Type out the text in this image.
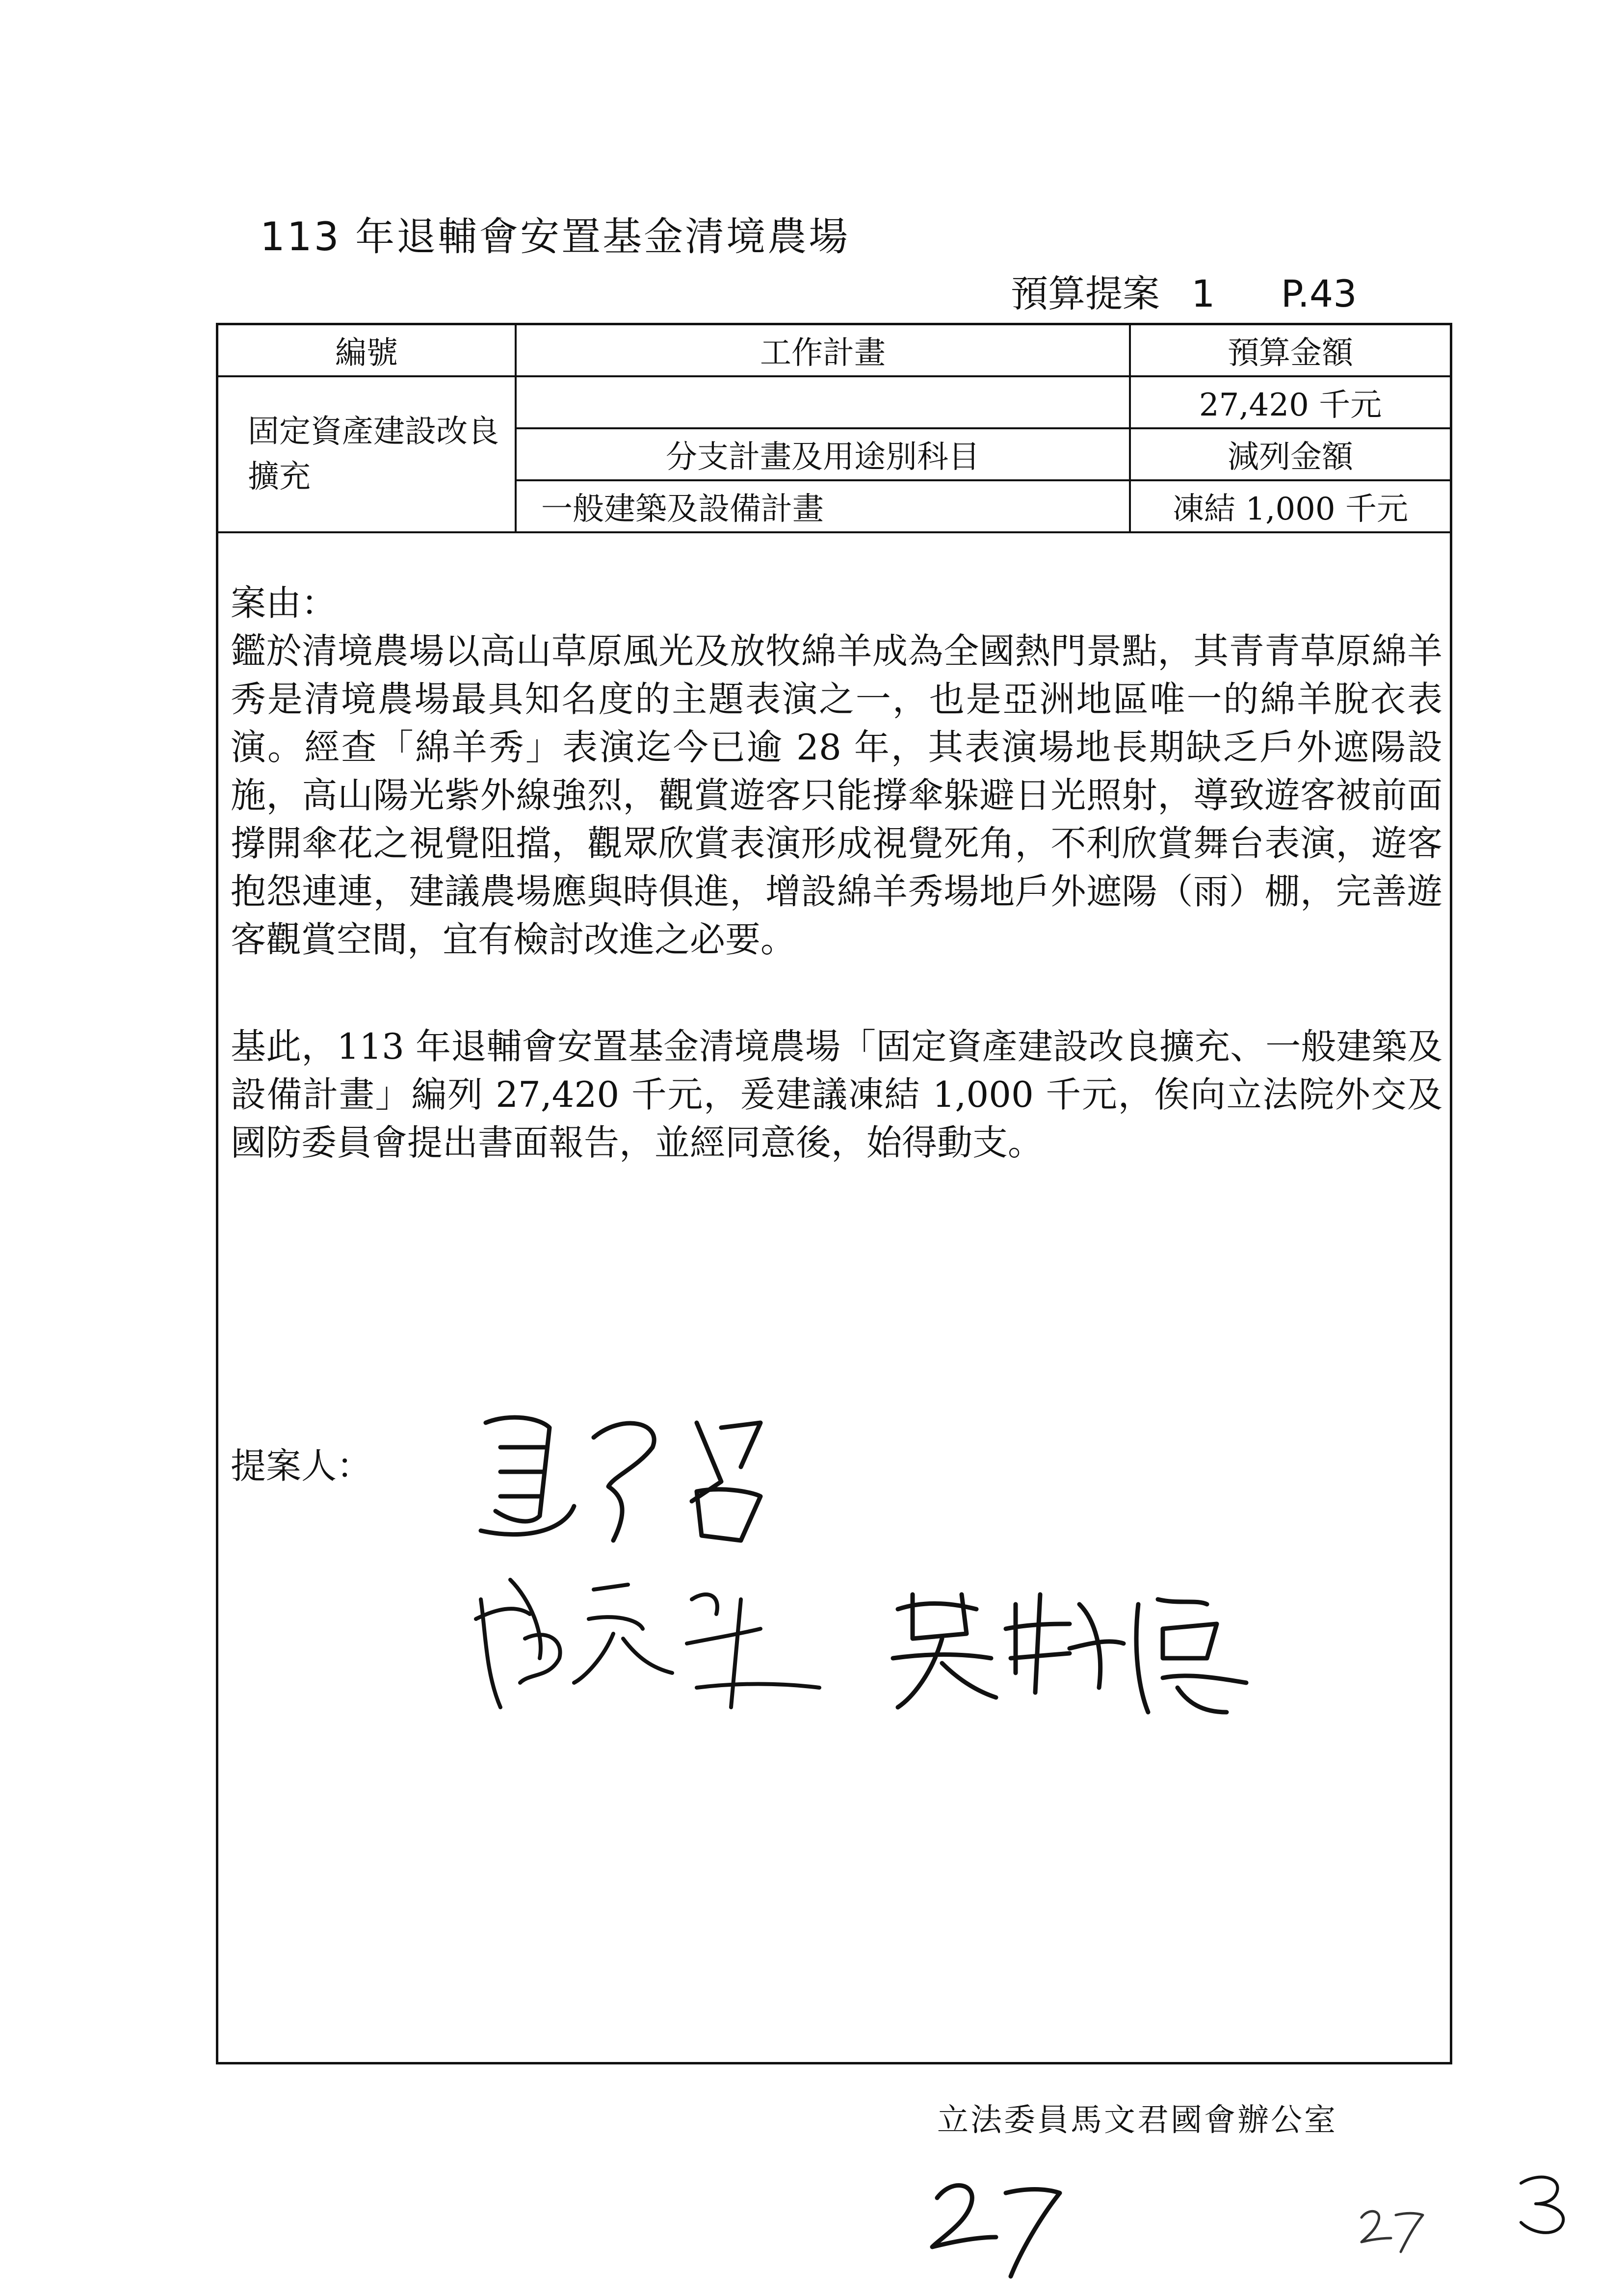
113 年退輔會安置基金清境農場
預算提案 1 P.43
編號	工作計畫	預算金額
固定資產建設改良擴充		27,420 千元
	分支計畫及用途別科目	減列金額
	一般建築及設備計畫	凍結 1,000 千元

案由：

鑑於清境農場以高山草原風光及放牧綿羊成為全國熱門景點，其青青草原綿羊秀是清境農場最具知名度的主題表演之一，也是亞洲地區唯一的綿羊脫衣表演。經查「綿羊秀」表演迄今已逾 28 年，其表演場地長期缺乏戶外遮陽設施，高山陽光紫外線強烈，觀賞遊客只能撐傘躲避日光照射，導致遊客被前面撐開傘花之視覺阻擋，觀眾欣賞表演形成視覺死角，不利欣賞舞台表演，遊客抱怨連連，建議農場應與時俱進，增設綿羊秀場地戶外遮陽（雨）棚，完善遊客觀賞空間，宜有檢討改進之必要。

基此，113 年退輔會安置基金清境農場「固定資產建設改良擴充、一般建築及設備計畫」編列 27,420 千元，爰建議凍結 1,000 千元，俟向立法院外交及國防委員會提出書面報告，並經同意後，始得動支。

提案人：
立法委員馬文君國會辦公室
